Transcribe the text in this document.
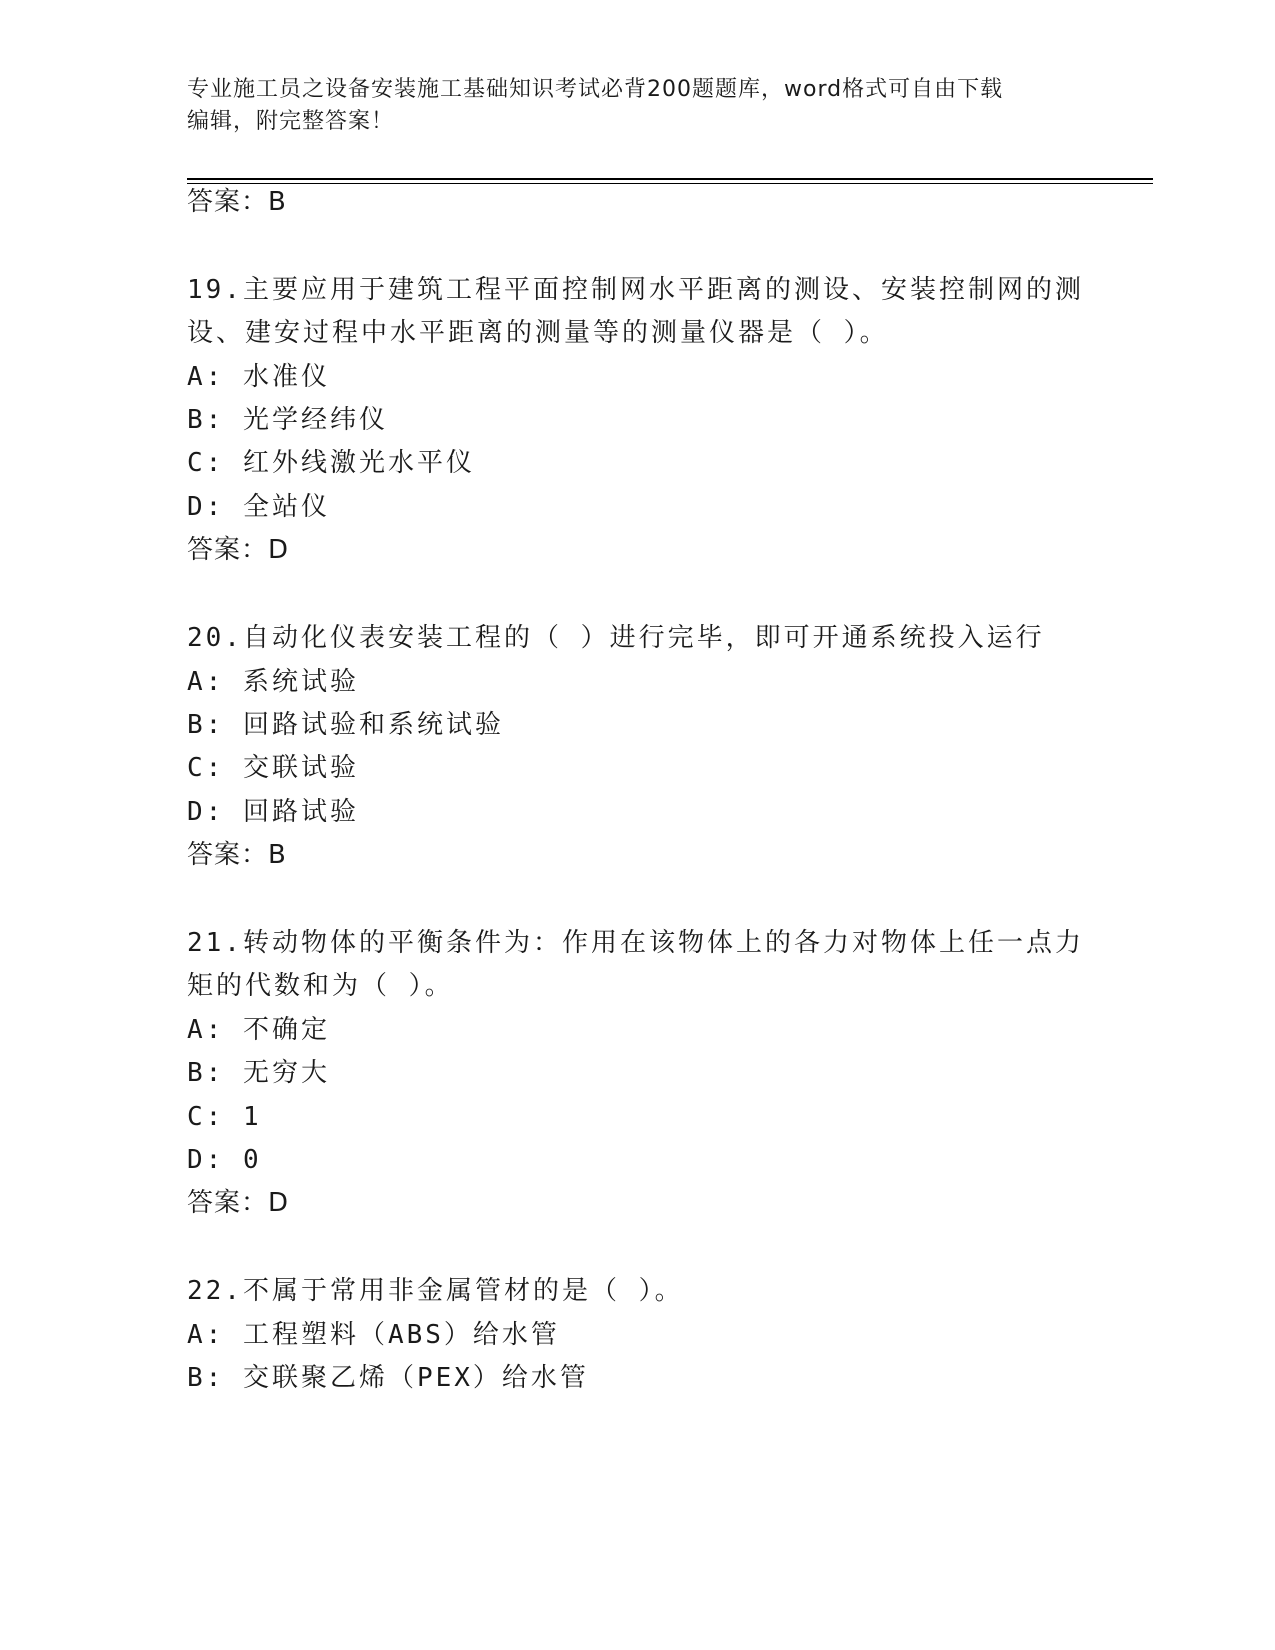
专业施工员之设备安装施工基础知识考试必背200题题库，word格式可自由下载
编辑，附完整答案！
答案：B
19.主要应用于建筑工程平面控制网水平距离的测设、安装控制网的测
设、建安过程中水平距离的测量等的测量仪器是（ ）。
A: 水准仪
B: 光学经纬仪
C: 红外线激光水平仪
D: 全站仪
答案：D
20.自动化仪表安装工程的（ ）进行完毕，即可开通系统投入运行
A: 系统试验
B: 回路试验和系统试验
C: 交联试验
D: 回路试验
答案：B
21.转动物体的平衡条件为：作用在该物体上的各力对物体上任一点力
矩的代数和为（ ）。
A: 不确定
B: 无穷大
C: 1
D: 0
答案：D
22.不属于常用非金属管材的是（ ）。
A: 工程塑料（ABS）给水管
B: 交联聚乙烯（PEX）给水管
